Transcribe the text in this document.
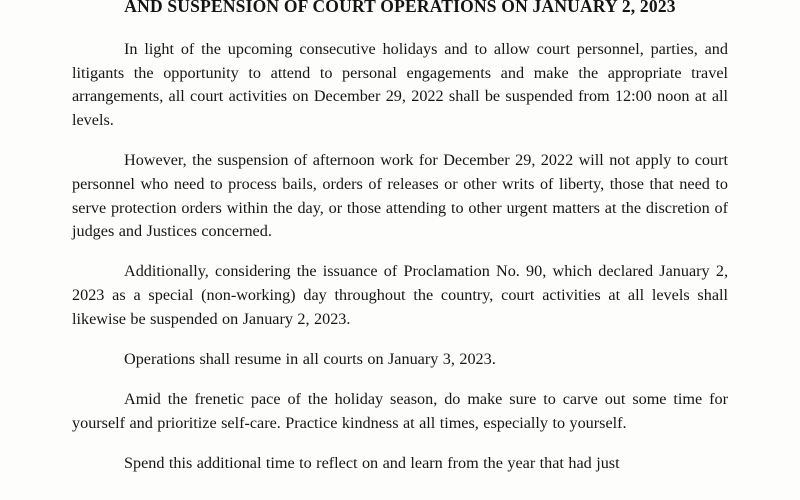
AND SUSPENSION OF COURT OPERATIONS ON JANUARY 2, 2023

In light of the upcoming consecutive holidays and to allow court personnel, parties, and litigants the opportunity to attend to personal engagements and make the appropriate travel arrangements, all court activities on December 29, 2022 shall be suspended from 12:00 noon at all levels.

However, the suspension of afternoon work for December 29, 2022 will not apply to court personnel who need to process bails, orders of releases or other writs of liberty, those that need to serve protection orders within the day, or those attending to other urgent matters at the discretion of judges and Justices concerned.

Additionally, considering the issuance of Proclamation No. 90, which declared January 2, 2023 as a special (non-working) day throughout the country, court activities at all levels shall likewise be suspended on January 2, 2023.

Operations shall resume in all courts on January 3, 2023.

Amid the frenetic pace of the holiday season, do make sure to carve out some time for yourself and prioritize self-care. Practice kindness at all times, especially to yourself.

Spend this additional time to reflect on and learn from the year that had just
